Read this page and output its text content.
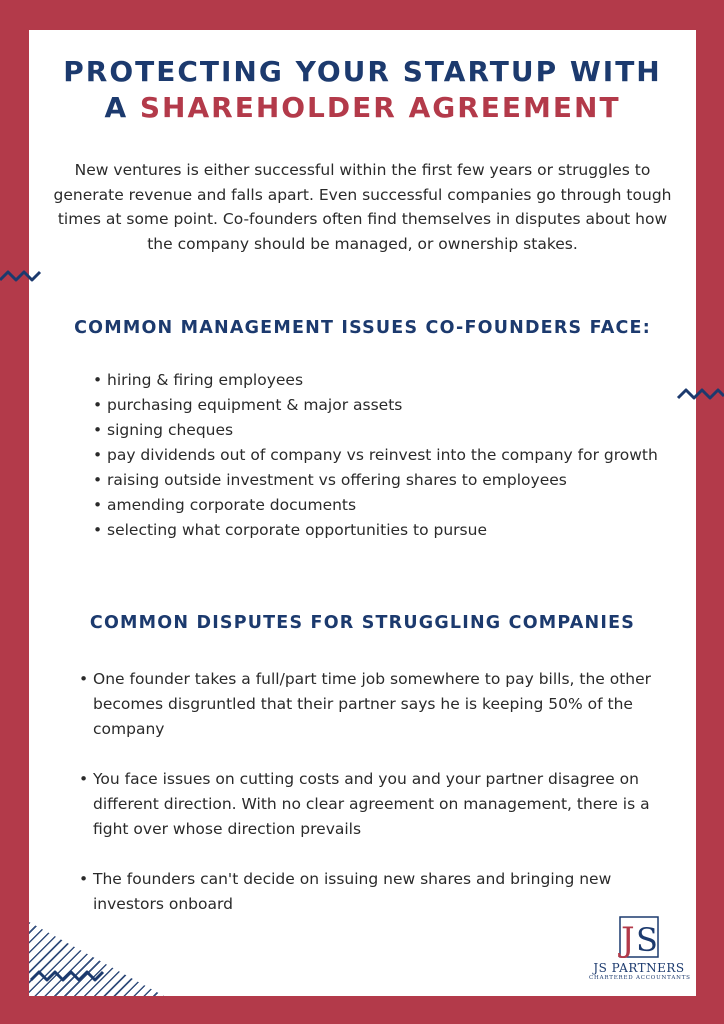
PROTECTING YOUR STARTUP WITH
A SHAREHOLDER AGREEMENT

New ventures is either successful within the first few years or struggles to generate revenue and falls apart. Even successful companies go through tough times at some point. Co-founders often find themselves in disputes about how the company should be managed, or ownership stakes.

COMMON MANAGEMENT ISSUES CO-FOUNDERS FACE:
• hiring & firing employees
• purchasing equipment & major assets
• signing cheques
• pay dividends out of company vs reinvest into the company for growth
• raising outside investment vs offering shares to employees
• amending corporate documents
• selecting what corporate opportunities to pursue
COMMON DISPUTES FOR STRUGGLING COMPANIES
• One founder takes a full/part time job somewhere to pay bills, the other becomes disgruntled that their partner says he is keeping 50% of the company
• You face issues on cutting costs and you and your partner disagree on different direction. With no clear agreement on management, there is a fight over whose direction prevails
• The founders can't decide on issuing new shares and bringing new investors onboard
J S
JS PARTNERS
CHARTERED ACCOUNTANTS
